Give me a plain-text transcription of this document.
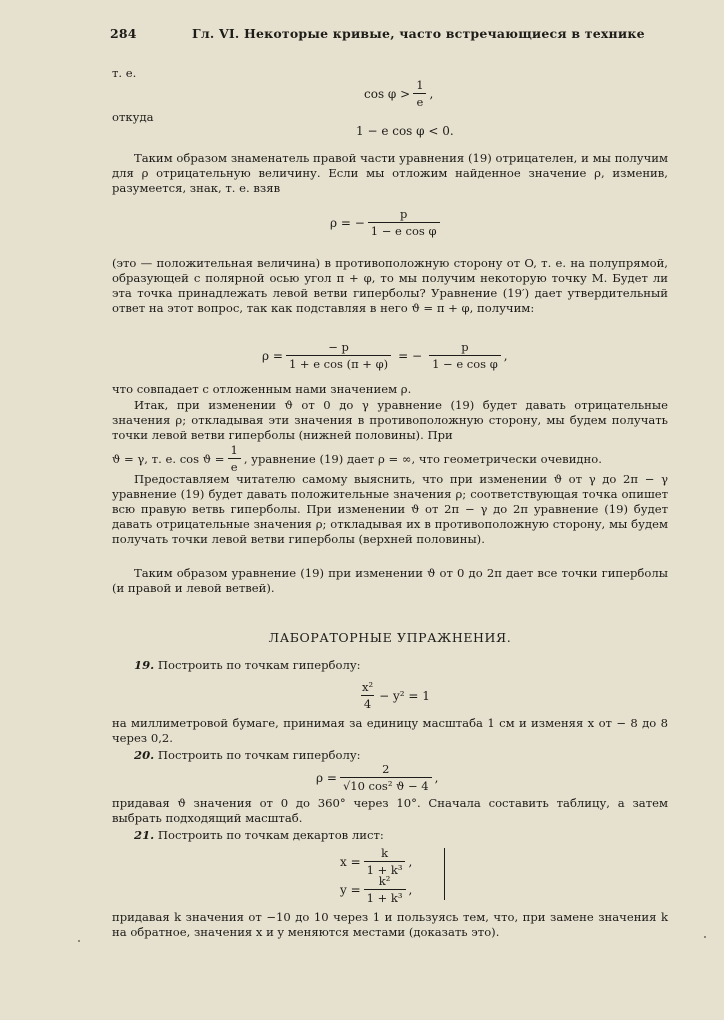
284	Гл. VI. Некоторые кривые, часто встречающиеся в технике
т. е.
$\cos \varphi > \frac{1}{e}$ ,
откуда
1 − e cos φ < 0.

Таким образом знаменатель правой части уравнения (19) отрицателен, и мы получим для ρ отрицательную величину. Если мы отложим найденное значение ρ, изменив, разумеется, знак, т. е. взяв

ρ = − $\frac{p}{\text{1 − e cos φ}}$

(это — положительная величина) в противоположную сторону от O, т. е. на полупрямой, образующей с полярной осью угол π + φ, то мы получим некоторую точку M. Будет ли эта точка принадлежать левой ветви гиперболы? Уравнение (19′) дает утвердительный ответ на этот вопрос, так как подставляя в него ϑ = π + φ, получим:

$\rho = \frac{- p}{\text{1 + e cos (π + φ)}}$ = − $\frac{p}{\text{1 − e cos φ}}$ ,

что совпадает с отложенным нами значением ρ.

Итак, при изменении ϑ от 0 до γ уравнение (19) будет давать отрицательные значения ρ; откладывая эти значения в противоположную сторону, мы будем получать точки левой ветви гиперболы (нижней половины). При

ϑ = γ, т. е. $\cos ϑ = \frac{1}{e}$ , уравнение (19) дает ρ = ∞, что геометрически очевидно.

Предоставляем читателю самому выяснить, что при изменении ϑ от γ до 2π − γ уравнение (19) будет давать положительные значения ρ; соответствующая точка опишет всю правую ветвь гиперболы. При изменении ϑ от 2π − γ до 2π уравнение (19) будет давать отрицательные значения ρ; откладывая их в противоположную сторону, мы будем получать точки левой ветви гиперболы (верхней половины).

Таким образом уравнение (19) при изменении ϑ от 0 до 2π дает все точки гиперболы (и правой и левой ветвей).

ЛАБОРАТОРНЫЕ УПРАЖНЕНИЯ.
19. Построить по точкам гиперболу:
$\frac{\text{x²}}{4} - y^2 = 1$

на миллиметровой бумаге, принимая за единицу масштаба 1 см и изменяя x от − 8 до 8 через 0,2.

20. Построить по точкам гиперболу:
$\rho = \frac{2}{\text{√10 cos² ϑ − 4}}$ ,

придавая ϑ значения от 0 до 360° через 10°. Сначала составить таблицу, а затем выбрать подходящий масштаб.

21. Построить по точкам декартов лист:
$x = \frac{k}{\text{1 + k³}}$ ,
$y = \frac{\text{k²}}{\text{1 + k³}}$ ,

придавая k значения от −10 до 10 через 1 и пользуясь тем, что, при замене значения k на обратное, значения x и y меняются местами (доказать это).
